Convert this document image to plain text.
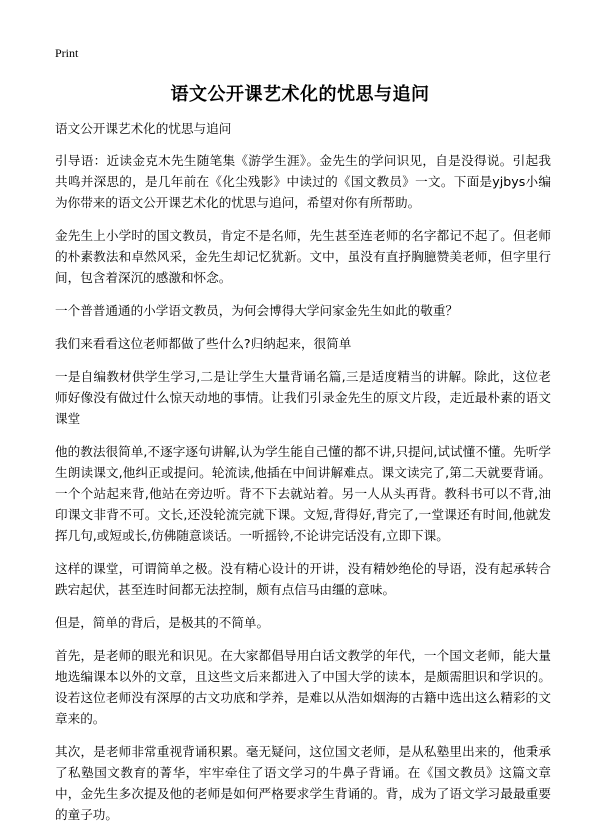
Print
语文公开课艺术化的忧思与追问

语文公开课艺术化的忧思与追问

引导语：近读金克木先生随笔集《游学生涯》。金先生的学问识见，自是没得说。引起我共鸣并深思的，是几年前在《化尘残影》中读过的《国文教员》一文。下面是yjbys小编为你带来的语文公开课艺术化的忧思与追问，希望对你有所帮助。

金先生上小学时的国文教员，肯定不是名师，先生甚至连老师的名字都记不起了。但老师的朴素教法和卓然风采，金先生却记忆犹新。文中，虽没有直抒胸臆赞美老师，但字里行间，包含着深沉的感激和怀念。

一个普普通通的小学语文教员，为何会博得大学问家金先生如此的敬重？

我们来看看这位老师都做了些什么?归纳起来，很简单

一是自编教材供学生学习,二是让学生大量背诵名篇,三是适度精当的讲解。除此，这位老师好像没有做过什么惊天动地的事情。让我们引录金先生的原文片段，走近最朴素的语文课堂

他的教法很简单,不逐字逐句讲解,认为学生能自己懂的都不讲,只提问,试试懂不懂。先听学生朗读课文,他纠正或提问。轮流读,他插在中间讲解难点。课文读完了,第二天就要背诵。一个个站起来背,他站在旁边听。背不下去就站着。另一人从头再背。教科书可以不背,油印课文非背不可。文长,还没轮流完就下课。文短,背得好,背完了,一堂课还有时间,他就发挥几句,或短或长,仿佛随意谈话。一听摇铃,不论讲完话没有,立即下课。

这样的课堂，可谓简单之极。没有精心设计的开讲，没有精妙绝伦的导语，没有起承转合跌宕起伏，甚至连时间都无法控制，颇有点信马由缰的意味。

但是，简单的背后，是极其的不简单。

首先，是老师的眼光和识见。在大家都倡导用白话文教学的年代，一个国文老师，能大量地选编课本以外的文章，且这些文后来都进入了中国大学的读本，是颇需胆识和学识的。设若这位老师没有深厚的古文功底和学养，是难以从浩如烟海的古籍中选出这么精彩的文章来的。

其次，是老师非常重视背诵积累。毫无疑问，这位国文老师，是从私塾里出来的，他秉承了私塾国文教育的菁华，牢牢牵住了语文学习的牛鼻子背诵。在《国文教员》这篇文章中，金先生多次提及他的老师是如何严格要求学生背诵的。背，成为了语文学习最最重要的童子功。
